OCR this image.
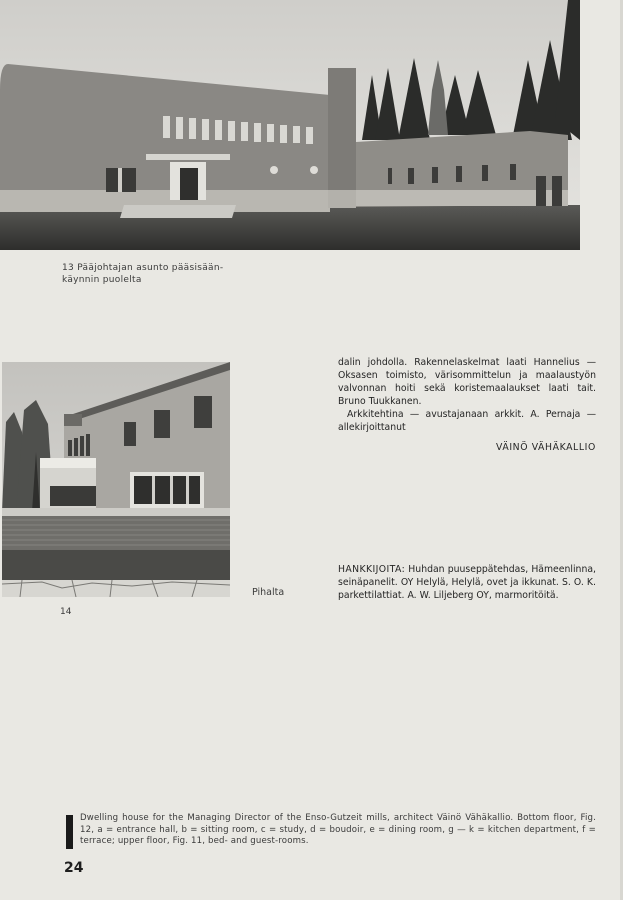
13 Pääjohtajan asunto pääsisään-käynnin puolelta
Pihalta
14

dalin johdolla. Rakennelaskelmat laati Hannelius — Oksasen toimisto, värisommittelun ja maalaustyön valvonnan hoiti sekä koristemaalaukset laati tait. Bruno Tuukkanen.

Arkkitehtina — avustajanaan arkkit. A. Pernaja — allekirjoittanut

VÄINÖ VÄHÄKALLIO
HANKKIJOITA: Huhdan puuseppätehdas, Hämeenlinna, seinäpanelit. OY Helylä, Helylä, ovet ja ikkunat. S. O. K. parkettilattiat. A. W. Liljeberg OY, marmoritöitä.
Dwelling house for the Managing Director of the Enso-Gutzeit mills, architect Väinö Vähäkallio. Bottom floor, Fig. 12, a = entrance hall, b = sitting room, c = study, d = boudoir, e = dining room, g — k = kitchen department, f = terrace; upper floor, Fig. 11, bed- and guest-rooms.
24
